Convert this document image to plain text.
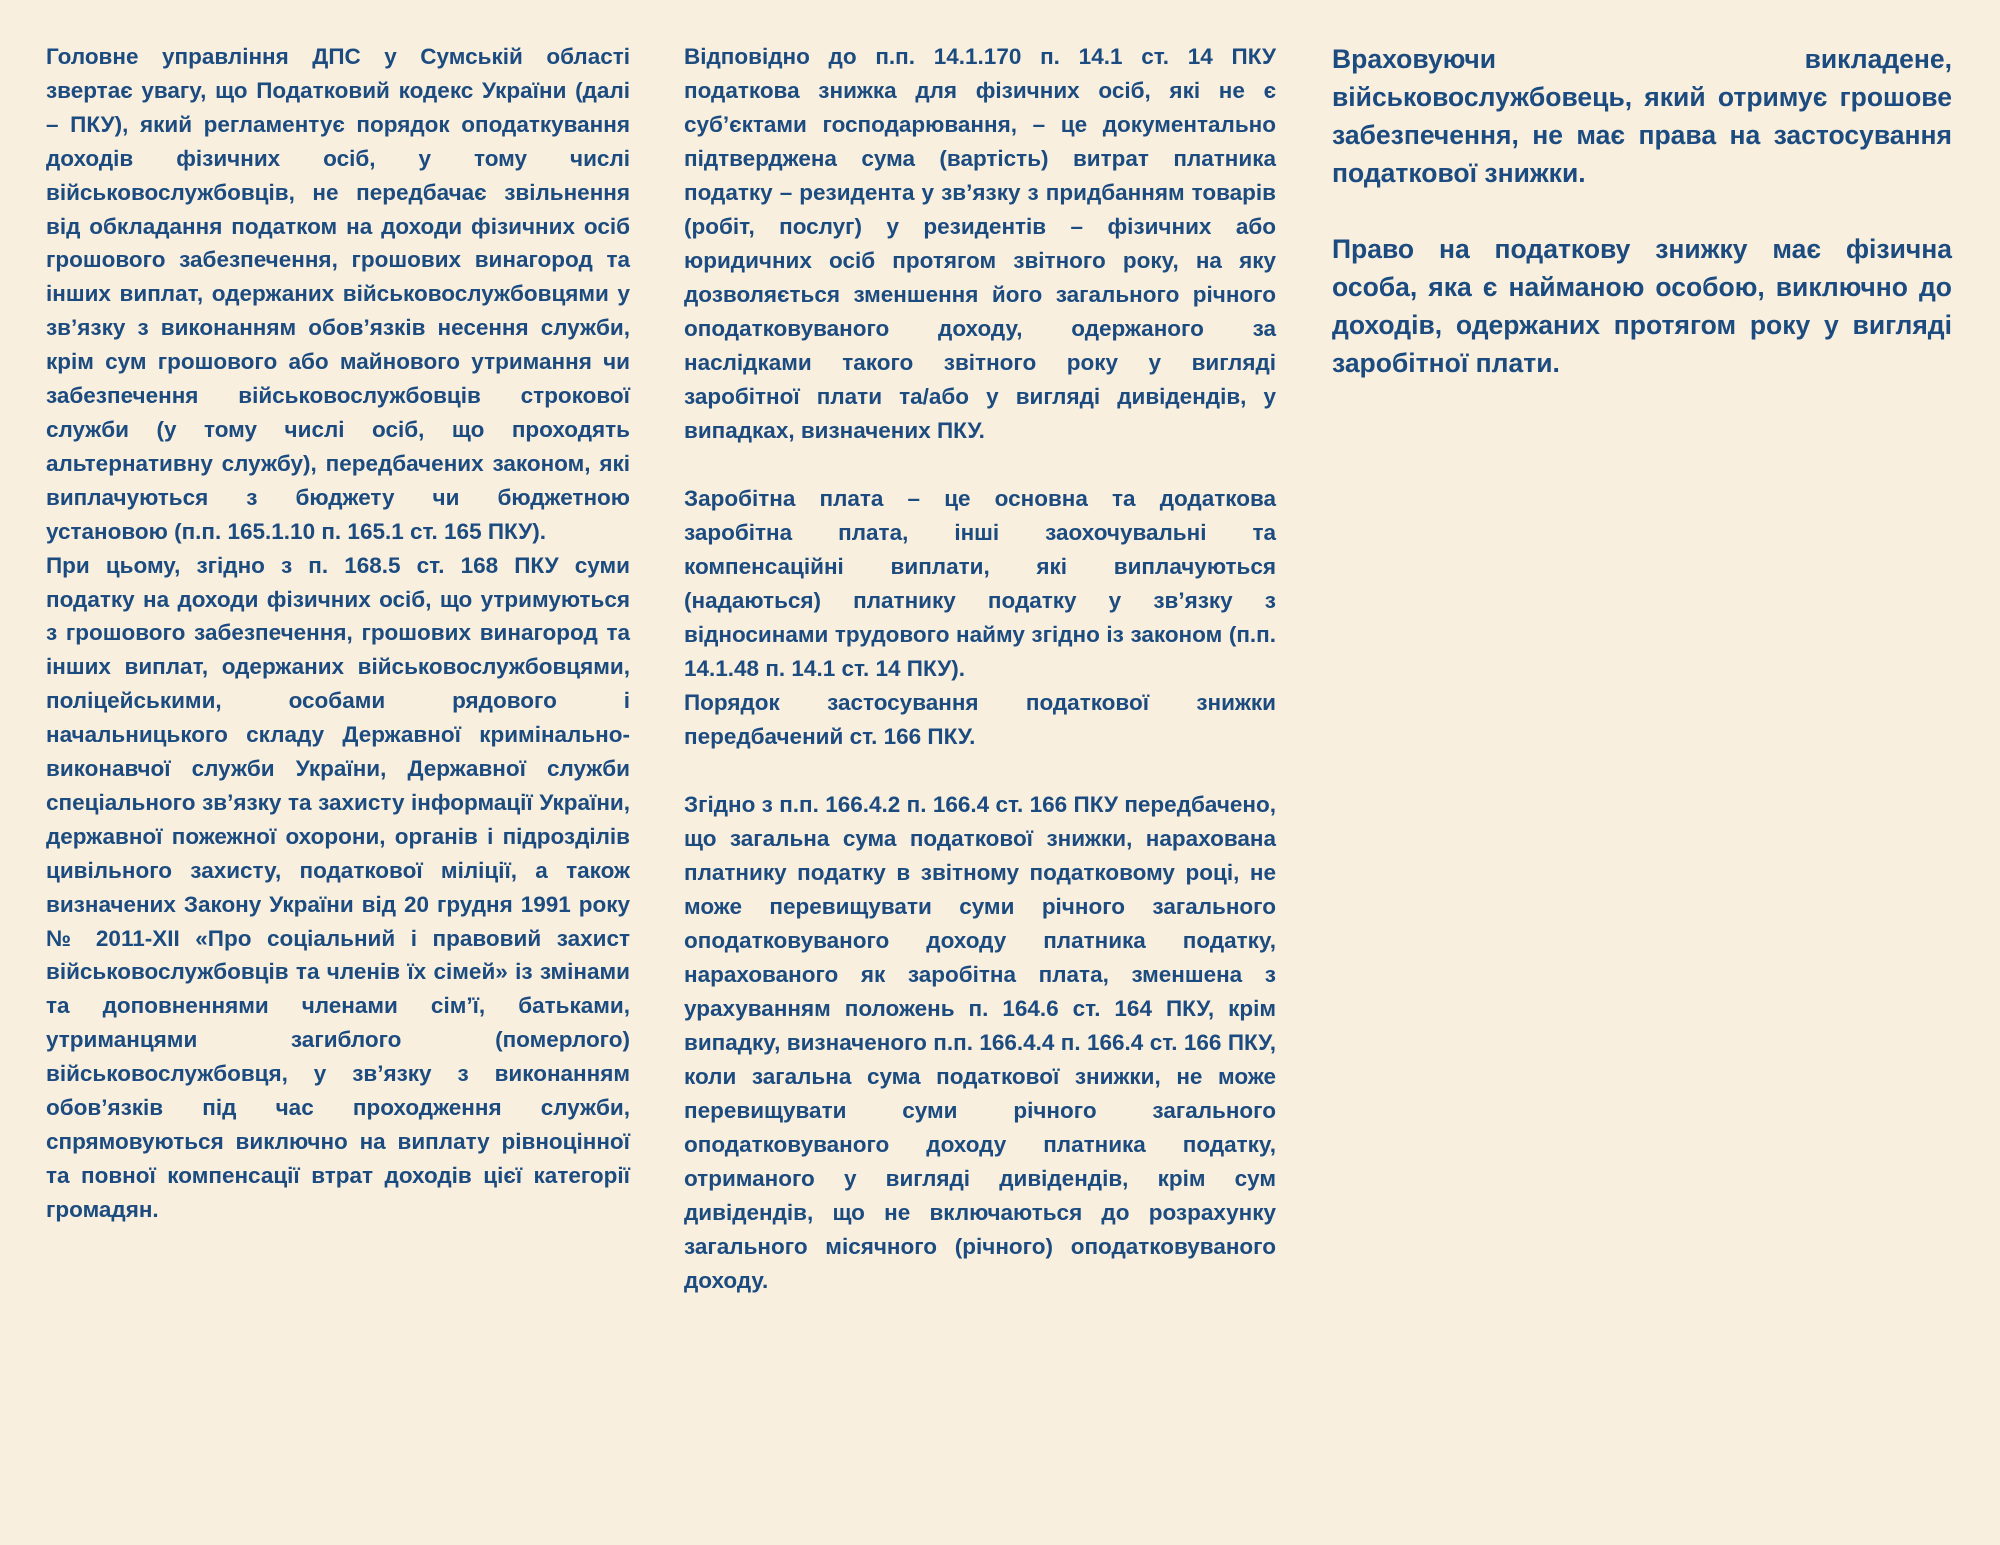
Головне управління ДПС у Сумській області звертає увагу, що Податковий кодекс України (далі – ПКУ), який регламентує порядок оподаткування доходів фізичних осіб, у тому числі військовослужбовців, не передбачає звільнення від обкладання податком на доходи фізичних осіб грошового забезпечення, грошових винагород та інших виплат, одержаних військовослужбовцями у зв’язку з виконанням обов’язків несення служби, крім сум грошового або майнового утримання чи забезпечення військовослужбовців строкової служби (у тому числі осіб, що проходять альтернативну службу), передбачених законом, які виплачуються з бюджету чи бюджетною установою (п.п. 165.1.10 п. 165.1 ст. 165 ПКУ).

При цьому, згідно з п. 168.5 ст. 168 ПКУ суми податку на доходи фізичних осіб, що утримуються з грошового забезпечення, грошових винагород та інших виплат, одержаних військовослужбовцями, поліцейськими, особами рядового і начальницького складу Державної кримінально-виконавчої служби України, Державної служби спеціального зв’язку та захисту інформації України, державної пожежної охорони, органів і підрозділів цивільного захисту, податкової міліції, а також визначених Закону України від 20 грудня 1991 року № 2011-XII «Про соціальний і правовий захист військовослужбовців та членів їх сімей» із змінами та доповненнями членами сім’ї, батьками, утриманцями загиблого (померлого) військовослужбовця, у зв’язку з виконанням обов’язків під час проходження служби, спрямовуються виключно на виплату рівноцінної та повної компенсації втрат доходів цієї категорії громадян.

Відповідно до п.п. 14.1.170 п. 14.1 ст. 14 ПКУ податкова знижка для фізичних осіб, які не є суб’єктами господарювання, – це документально підтверджена сума (вартість) витрат платника податку – резидента у зв’язку з придбанням товарів (робіт, послуг) у резидентів – фізичних або юридичних осіб протягом звітного року, на яку дозволяється зменшення його загального річного оподатковуваного доходу, одержаного за наслідками такого звітного року у вигляді заробітної плати та/або у вигляді дивідендів, у випадках, визначених ПКУ.

Заробітна плата – це основна та додаткова заробітна плата, інші заохочувальні та компенсаційні виплати, які виплачуються (надаються) платнику податку у зв’язку з відносинами трудового найму згідно із законом (п.п. 14.1.48 п. 14.1 ст. 14 ПКУ).

Порядок застосування податкової знижки передбачений ст. 166 ПКУ.

Згідно з п.п. 166.4.2 п. 166.4 ст. 166 ПКУ передбачено, що загальна сума податкової знижки, нарахована платнику податку в звітному податковому році, не може перевищувати суми річного загального оподатковуваного доходу платника податку, нарахованого як заробітна плата, зменшена з урахуванням положень п. 164.6 ст. 164 ПКУ, крім випадку, визначеного п.п. 166.4.4 п. 166.4 ст. 166 ПКУ, коли загальна сума податкової знижки, не може перевищувати суми річного загального оподатковуваного доходу платника податку, отриманого у вигляді дивідендів, крім сум дивідендів, що не включаються до розрахунку загального місячного (річного) оподатковуваного доходу.

Враховуючи викладене, військовослужбовець, який отримує грошове забезпечення, не має права на застосування податкової знижки.

Право на податкову знижку має фізична особа, яка є найманою особою, виключно до доходів, одержаних протягом року у вигляді заробітної плати.
